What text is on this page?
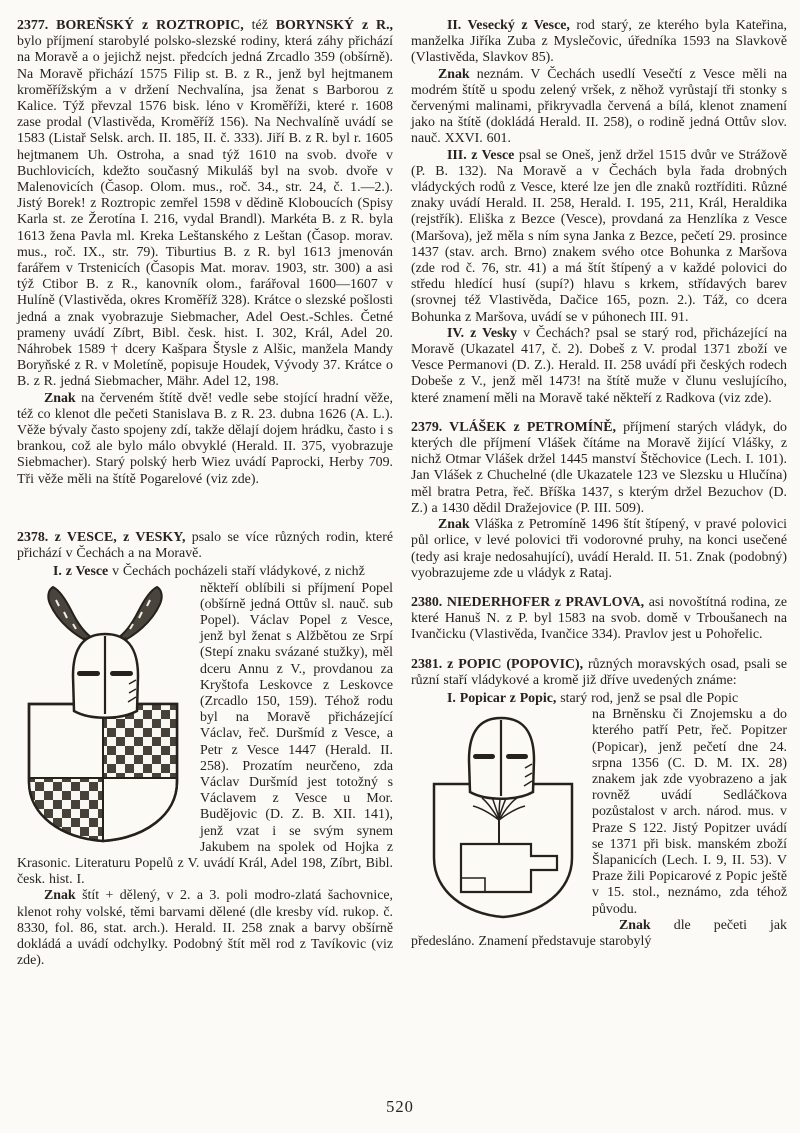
2377. BOREŇSKÝ z ROZTROPIC, též BORYNSKÝ z R., bylo příjmení starobylé polsko-slezské rodiny, která záhy přichází na Moravě a o jejichž nejst. předcích jedná Zrcadlo 359 (obšírně). Na Moravě přichází 1575 Filip st. B. z R., jenž byl hejtmanem kroměřížským a v držení Nechvalína, jsa ženat s Barborou z Kalice. Týž převzal 1576 bisk. léno v Kroměříži, které r. 1608 zase prodal (Vlastivěda, Kroměříž 156). Na Nechvalíně uvádí se 1583 (Listař Selsk. arch. II. 185, II. č. 333). Jiří B. z R. byl r. 1605 hejtmanem Uh. Ostroha, a snad týž 1610 na svob. dvoře v Buchlovicích, kdežto současný Mikuláš byl na svob. dvoře v Malenovicích (Časop. Olom. mus., roč. 34., str. 24, č. 1.—2.). Jistý Borek! z Roztropic zemřel 1598 v dědině Kloboucích (Spisy Karla st. ze Žerotína I. 216, vydal Brandl). Markéta B. z R. byla 1613 žena Pavla ml. Kreka Leštanského z Leštan (Časop. morav. mus., roč. IX., str. 79). Tiburtius B. z R. byl 1613 jmenován farářem v Trstenicích (Časopis Mat. morav. 1903, str. 300) a asi týž Ctibor B. z R., kanovník olom., farářoval 1600—1607 v Hulíně (Vlastivěda, okres Kroměříž 328). Krátce o slezské pošlosti jedná a znak vyobrazuje Siebmacher, Adel Oest.-Schles. Četné prameny uvádí Zíbrt, Bibl. česk. hist. I. 302, Král, Adel 20. Náhrobek 1589 † dcery Kašpara Štysle z Alšic, manžela Mandy Boryňské z R. v Moletíně, popisuje Houdek, Vývody 37. Krátce o B. z R. jedná Siebmacher, Mähr. Adel 12, 198.

Znak na červeném štítě dvě! vedle sebe stojící hradní věže, též co klenot dle pečeti Stanislava B. z R. 23. dubna 1626 (A. L.). Věže bývaly často spojeny zdí, takže dělají dojem hrádku, často i s brankou, což ale bylo málo obvyklé (Herald. II. 375, vyobrazuje Siebmacher). Starý polský herb Wiez uvádí Paprocki, Herby 709. Tři věže měli na štítě Pogarelové (viz zde).

2378. z VESCE, z VESKY, psalo se více různých rodin, které přichází v Čechách a na Moravě.

I. z Vesce v Čechách pocházeli staří vládykové, z nichž

někteří oblíbili si příjmení Popel (obšírně jedná Ottův sl. nauč. sub Popel). Václav Popel z Vesce, jenž byl ženat s Alžbětou ze Srpí (Stepí znaku svázané stužky), měl dceru Annu z V., provdanou za Kryštofa Leskovce z Leskovce (Zrcadlo 150, 159). Téhož rodu byl na Moravě přicházející Václav, řeč. Duršmíd z Vesce, a Petr z Vesce 1447 (Herald. II. 258). Prozatím neurčeno, zda Václav Duršmíd jest totožný s Václavem z Vesce u Mor. Budějovic (D. Z. B. XII. 141), jenž vzat i se svým synem Jakubem na spolek od Hojka z Krasonic. Literaturu Popelů z V. uvádí Král, Adel 198, Zíbrt, Bibl. česk. hist. I.

Znak štít + dělený, v 2. a 3. poli modro-zlatá šachovnice, klenot rohy volské, těmi barvami dělené (dle kresby víd. rukop. č. 8330, fol. 86, stat. arch.). Herald. II. 258 znak a barvy obšírně dokládá a uvádí odchylky. Podobný štít měl rod z Tavíkovic (viz zde).

II. Vesecký z Vesce, rod starý, ze kterého byla Kateřina, manželka Jiříka Zuba z Myslečovic, úředníka 1593 na Slavkově (Vlastivěda, Slavkov 85).

Znak neznám. V Čechách usedlí Vesečtí z Vesce měli na modrém štítě u spodu zelený vršek, z něhož vyrůstají tři stonky s červenými malinami, přikryvadla červená a bílá, klenot znamení jako na štítě (dokládá Herald. II. 258), o rodině jedná Ottův slov. nauč. XXVI. 601.

III. z Vesce psal se Oneš, jenž držel 1515 dvůr ve Strážově (P. B. 132). Na Moravě a v Čechách byla řada drobných vládyckých rodů z Vesce, které lze jen dle znaků roztříditi. Různé znaky uvádí Herald. II. 258, Herald. I. 195, 211, Král, Heraldika (rejstřík). Eliška z Bezce (Vesce), provdaná za Henzlíka z Vesce (Maršova), jež měla s ním syna Janka z Bezce, pečetí 29. prosince 1437 (stav. arch. Brno) znakem svého otce Bohunka z Maršova (zde rod č. 76, str. 41) a má štít štípený a v každé polovici do středu hledící husí (supí?) hlavu s krkem, střídavých barev (srovnej též Vlastivěda, Dačice 165, pozn. 2.). Táž, co dcera Bohunka z Maršova, uvádí se v púhonech III. 91.

IV. z Vesky v Čechách? psal se starý rod, přicházející na Moravě (Ukazatel 417, č. 2). Dobeš z V. prodal 1371 zboží ve Vesce Permanovi (D. Z.). Herald. II. 258 uvádí při českých rodech Dobeše z V., jenž měl 1473! na štítě muže v člunu veslujícího, které znamení měli na Moravě také někteří z Radkova (viz zde).

2379. VLÁŠEK z PETROMÍNĚ, příjmení starých vládyk, do kterých dle příjmení Vlášek čítáme na Moravě žijící Vlášky, z nichž Otmar Vlášek držel 1445 manství Štěchovice (Lech. I. 101). Jan Vlášek z Chuchelné (dle Ukazatele 123 ve Slezsku u Hlučína) měl bratra Petra, řeč. Bříška 1437, s kterým držel Bezuchov (D. Z.) a 1430 dědil Dražejovice (P. III. 509).

Znak Vláška z Petromíně 1496 štít štípený, v pravé polovici půl orlice, v levé polovici tři vodorovné pruhy, na konci usečené (tedy asi kraje nedosahující), uvádí Herald. II. 51. Znak (podobný) vyobrazujeme zde u vládyk z Rataj.

2380. NIEDERHOFER z PRAVLOVA, asi novoštítná rodina, ze které Hanuš N. z P. byl 1583 na svob. domě v Trboušanech na Ivančicku (Vlastivěda, Ivančice 334). Pravlov jest u Pohořelic.

2381. z POPIC (POPOVIC), různých moravských osad, psali se různí staří vládykové a kromě již dříve uvedených známe:

I. Popicar z Popic, starý rod, jenž se psal dle Popic

na Brněnsku či Znojemsku a do kterého patří Petr, řeč. Popitzer (Popicar), jenž pečetí dne 24. srpna 1356 (C. D. M. IX. 28) znakem jak zde vyobrazeno a jak rovněž uvádí Sedláčkova pozůstalost v arch. národ. mus. v Praze S 122. Jistý Popitzer uvádí se 1371 při bisk. manském zboží Šlapanicích (Lech. I. 9, II. 53). V Praze žili Popicarové z Popic ještě v 15. stol., neznámo, zda téhož původu.

Znak dle pečeti jak předesláno. Znamení představuje starobylý

520
